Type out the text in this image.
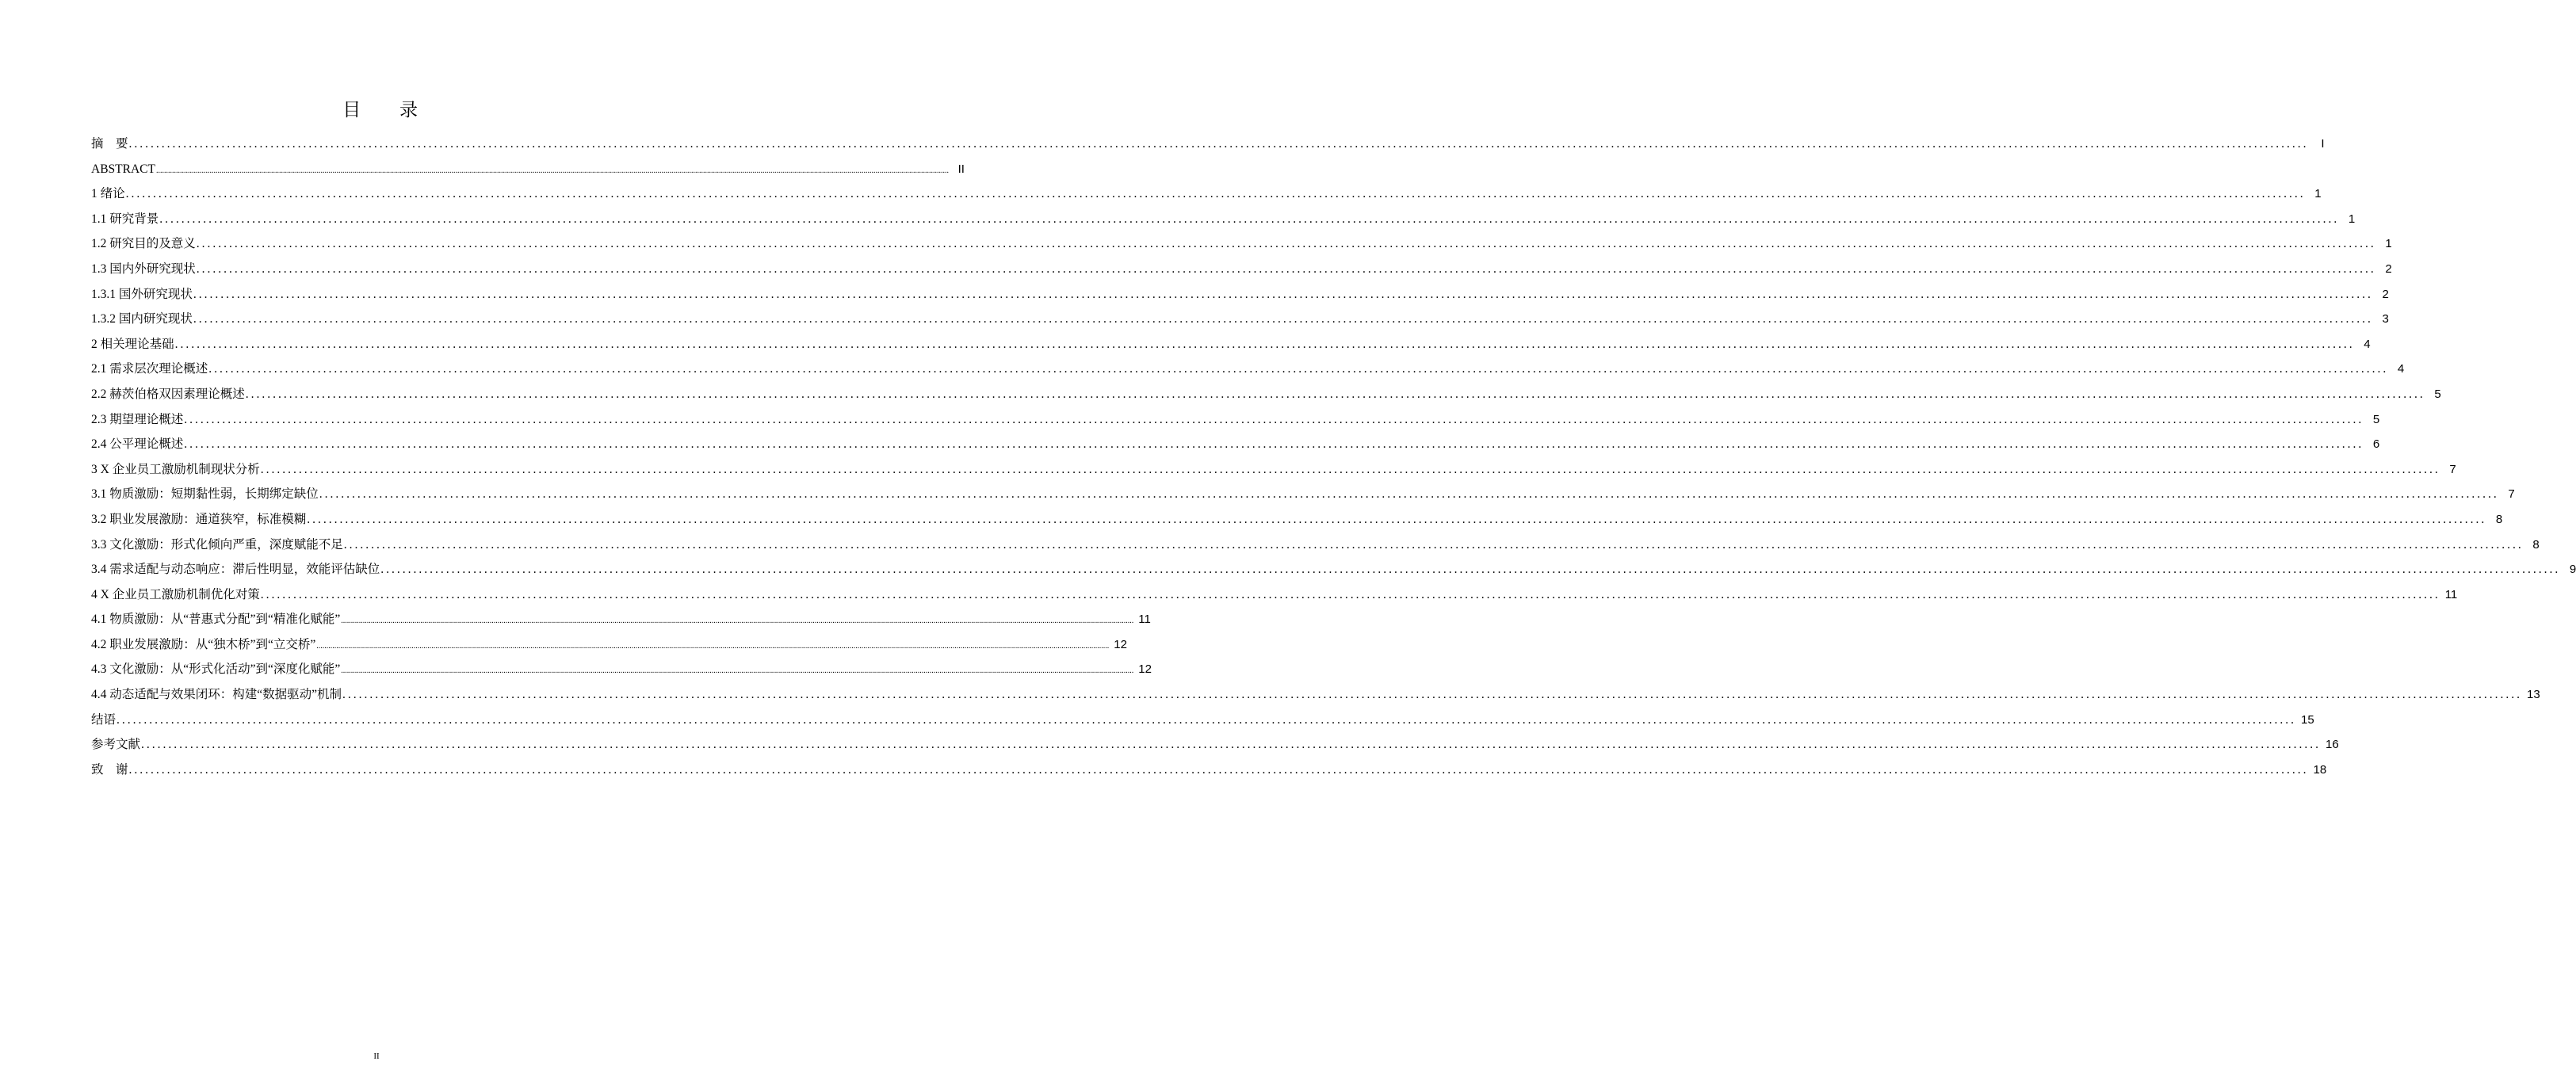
目 录
摘　要 ................................................................................................................................................................................................................................................................................................................................................................................................................	I
ABSTRACT ................................................................................................................................................................................................................................................................................................................................................................................................................ II
1 绪论 ................................................................................................................................................................................................................................................................................................................................................................................................................ 1
1.1 研究背景 ................................................................................................................................................................................................................................................................................................................................................................................................................ 1
1.2 研究目的及意义 ................................................................................................................................................................................................................................................................................................................................................................................................................ 1
1.3 国内外研究现状 ................................................................................................................................................................................................................................................................................................................................................................................................................ 2
1.3.1 国外研究现状 ................................................................................................................................................................................................................................................................................................................................................................................................................ 2
1.3.2 国内研究现状 ................................................................................................................................................................................................................................................................................................................................................................................................................ 3
2 相关理论基础 ................................................................................................................................................................................................................................................................................................................................................................................................................ 4
2.1 需求层次理论概述 ................................................................................................................................................................................................................................................................................................................................................................................................................ 4
2.2 赫茨伯格双因素理论概述 ................................................................................................................................................................................................................................................................................................................................................................................................................ 5
2.3 期望理论概述 ................................................................................................................................................................................................................................................................................................................................................................................................................ 5
2.4 公平理论概述 ................................................................................................................................................................................................................................................................................................................................................................................................................ 6
3 X 企业员工激励机制现状分析 ................................................................................................................................................................................................................................................................................................................................................................................................................ 7
3.1 物质激励：短期黏性弱，长期绑定缺位 ................................................................................................................................................................................................................................................................................................................................................................................................................ 7
3.2 职业发展激励：通道狭窄，标准模糊 ................................................................................................................................................................................................................................................................................................................................................................................................................ 8
3.3 文化激励：形式化倾向严重，深度赋能不足 ................................................................................................................................................................................................................................................................................................................................................................................................................ 8
3.4 需求适配与动态响应：滞后性明显，效能评估缺位 ................................................................................................................................................................................................................................................................................................................................................................................................................ 9
4 X 企业员工激励机制优化对策 ................................................................................................................................................................................................................................................................................................................................................................................................................ 11
4.1 物质激励：从“普惠式分配”到“精准化赋能” ................................................................................................................................................................................................................................................................................................................................................................................................................ 11
4.2 职业发展激励：从“独木桥”到“立交桥” ................................................................................................................................................................................................................................................................................................................................................................................................................ 12
4.3 文化激励：从“形式化活动”到“深度化赋能” ................................................................................................................................................................................................................................................................................................................................................................................................................ 12
4.4 动态适配与效果闭环：构建“数据驱动”机制 ................................................................................................................................................................................................................................................................................................................................................................................................................ 13
结语 ................................................................................................................................................................................................................................................................................................................................................................................................................ 15
参考文献 ................................................................................................................................................................................................................................................................................................................................................................................................................ 16
致　谢 ................................................................................................................................................................................................................................................................................................................................................................................................................ 18
II
